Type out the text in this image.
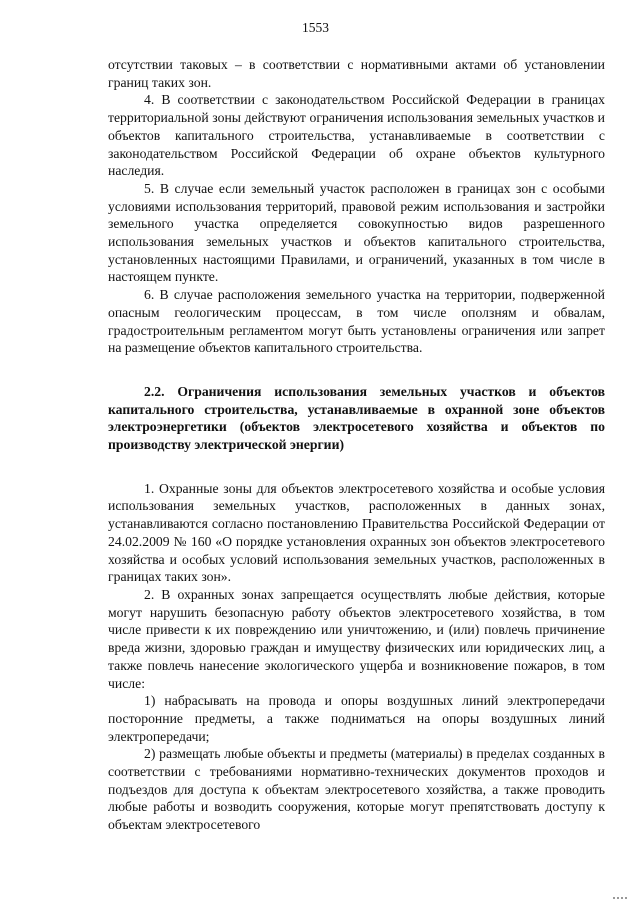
1553

отсутствии таковых – в соответствии с нормативными актами об установлении границ таких зон.

4. В соответствии с законодательством Российской Федерации в границах территориальной зоны действуют ограничения использования земельных участков и объектов капитального строительства, устанавливаемые в соответствии с законодательством Российской Федерации об охране объектов культурного наследия.

5. В случае если земельный участок расположен в границах зон с особыми условиями использования территорий, правовой режим использования и застройки земельного участка определяется совокупностью видов разрешенного использования земельных участков и объектов капитального строительства, установленных настоящими Правилами, и ограничений, указанных в том числе в настоящем пункте.

6. В случае расположения земельного участка на территории, подверженной опасным геологическим процессам, в том числе оползням и обвалам, градостроительным регламентом могут быть установлены ограничения или запрет на размещение объектов капитального строительства.

2.2. Ограничения использования земельных участков и объектов капитального строительства, устанавливаемые в охранной зоне объектов электроэнергетики (объектов электросетевого хозяйства и объектов по производству электрической энергии)

1. Охранные зоны для объектов электросетевого хозяйства и особые условия использования земельных участков, расположенных в данных зонах, устанавливаются согласно постановлению Правительства Российской Федерации от 24.02.2009 № 160 «О порядке установления охранных зон объектов электросетевого хозяйства и особых условий использования земельных участков, расположенных в границах таких зон».

2. В охранных зонах запрещается осуществлять любые действия, которые могут нарушить безопасную работу объектов электросетевого хозяйства, в том числе привести к их повреждению или уничтожению, и (или) повлечь причинение вреда жизни, здоровью граждан и имуществу физических или юридических лиц, а также повлечь нанесение экологического ущерба и возникновение пожаров, в том числе:

1) набрасывать на провода и опоры воздушных линий электропередачи посторонние предметы, а также подниматься на опоры воздушных линий электропередачи;

2) размещать любые объекты и предметы (материалы) в пределах созданных в соответствии с требованиями нормативно-технических документов проходов и подъездов для доступа к объектам электросетевого хозяйства, а также проводить любые работы и возводить сооружения, которые могут препятствовать доступу к объектам электросетевого
